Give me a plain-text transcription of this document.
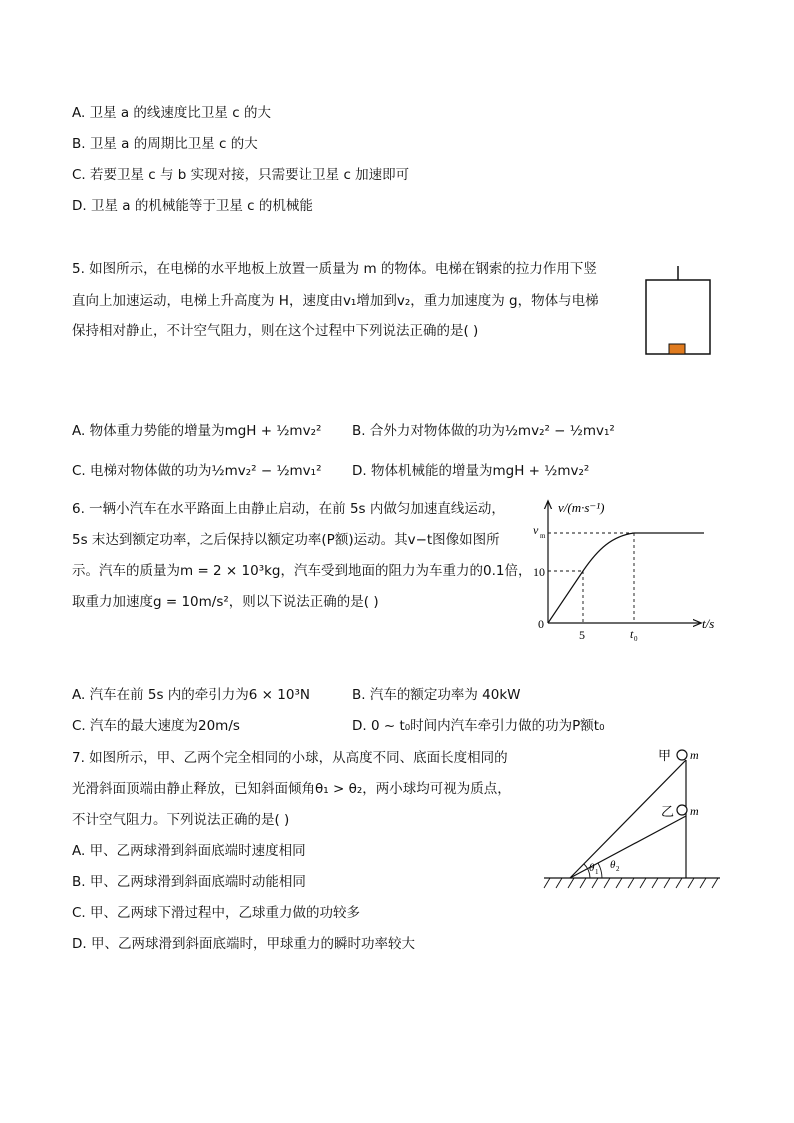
A. 卫星 a 的线速度比卫星 c 的大
B. 卫星 a 的周期比卫星 c 的大
C. 若要卫星 c 与 b 实现对接，只需要让卫星 c 加速即可
D. 卫星 a 的机械能等于卫星 c 的机械能
5. 如图所示，在电梯的水平地板上放置一质量为 m 的物体。电梯在钢索的拉力作用下竖
直向上加速运动，电梯上升高度为 H，速度由v₁增加到v₂，重力加速度为 g，物体与电梯
保持相对静止，不计空气阻力，则在这个过程中下列说法正确的是( )
A. 物体重力势能的增量为mgH + ½mv₂² B. 合外力对物体做的功为½mv₂² − ½mv₁²
C. 电梯对物体做的功为½mv₂² − ½mv₁² D. 物体机械能的增量为mgH + ½mv₂²
6. 一辆小汽车在水平路面上由静止启动，在前 5s 内做匀加速直线运动，
5s 末达到额定功率，之后保持以额定功率(P额)运动。其v−t图像如图所
示。汽车的质量为m = 2 × 10³kg，汽车受到地面的阻力为车重力的0.1倍，
取重力加速度g = 10m/s²，则以下说法正确的是( )
v/(m·s⁻¹)
t/s
v m
10
5	t 0
0
A. 汽车在前 5s 内的牵引力为6 × 10³N	B. 汽车的额定功率为 40kW
C. 汽车的最大速度为20m/s	D. 0 ~ t₀时间内汽车牵引力做的功为P额t₀
7. 如图所示，甲、乙两个完全相同的小球，从高度不同、底面长度相同的
光滑斜面顶端由静止释放，已知斜面倾角θ₁ > θ₂，两小球均可视为质点，
不计空气阻力。下列说法正确的是( )
A. 甲、乙两球滑到斜面底端时速度相同
B. 甲、乙两球滑到斜面底端时动能相同
C. 甲、乙两球下滑过程中，乙球重力做的功较多
D. 甲、乙两球滑到斜面底端时，甲球重力的瞬时功率较大
甲 m
乙 m
θ 1
θ 2
